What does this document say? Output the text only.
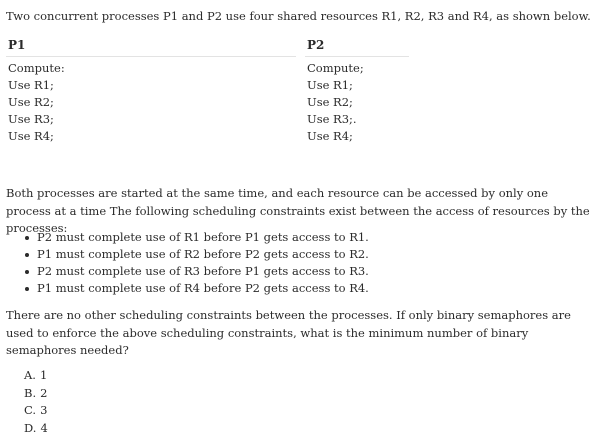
Two concurrent processes P1 and P2 use four shared resources R1, R2, R3 and R4, as shown below.
P1	P2
Compute:
Use R1;
Use R2;
Use R3;
Use R4;
Compute;
Use R1;
Use R2;
Use R3;.
Use R4;
Both processes are started at the same time, and each resource can be accessed by only one process at a time The following scheduling constraints exist between the access of resources by the processes:
P2 must complete use of R1 before P1 gets access to R1.
P1 must complete use of R2 before P2 gets access to R2.
P2 must complete use of R3 before P1 gets access to R3.
P1 must complete use of R4 before P2 gets access to R4.
There are no other scheduling constraints between the processes. If only binary semaphores are used to enforce the above scheduling constraints, what is the minimum number of binary semaphores needed?
A. 1
B. 2
C. 3
D. 4
